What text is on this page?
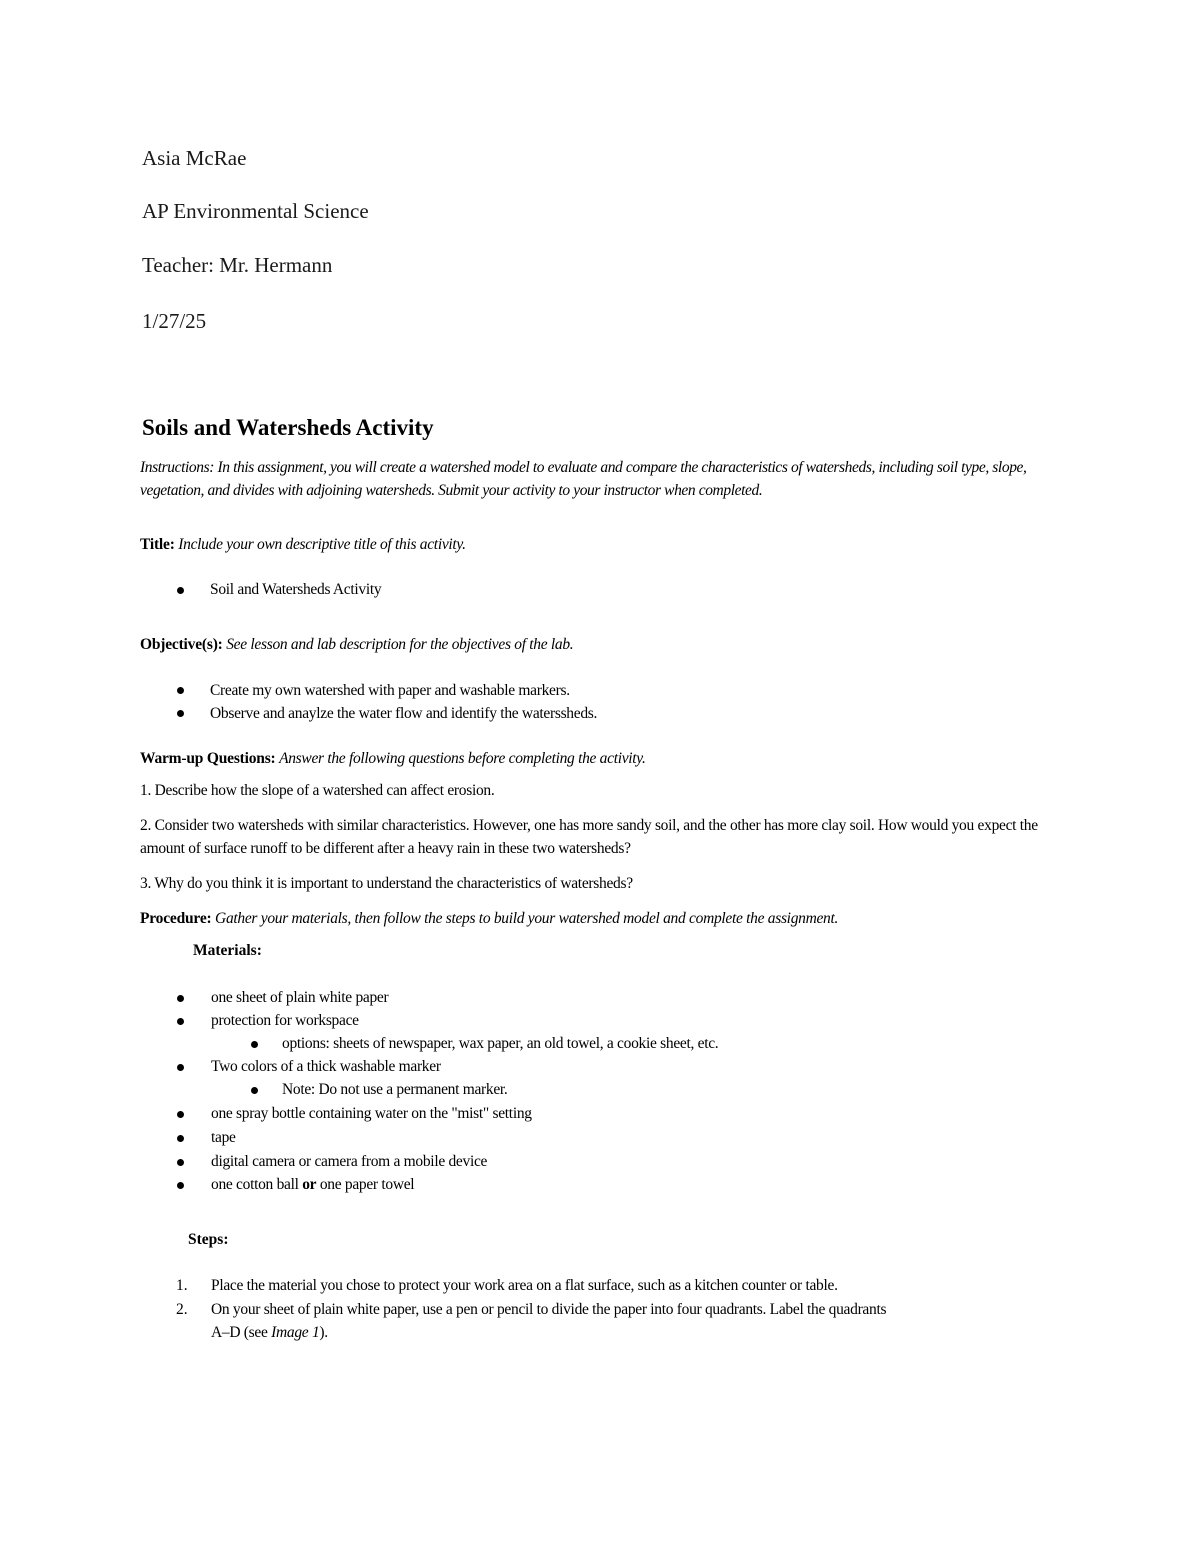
Asia McRae

AP Environmental Science

Teacher: Mr. Hermann

1/27/25

Soils and Watersheds Activity

Instructions: In this assignment, you will create a watershed model to evaluate and compare the characteristics of watersheds, including soil type, slope, vegetation, and divides with adjoining watersheds. Submit your activity to your instructor when completed.

Title: Include your own descriptive title of this activity.

Soil and Watersheds Activity

Objective(s): See lesson and lab description for the objectives of the lab.

Create my own watershed with paper and washable markers.

Observe and anaylze the water flow and identify the waterssheds.

Warm-up Questions: Answer the following questions before completing the activity.

1. Describe how the slope of a watershed can affect erosion.

2. Consider two watersheds with similar characteristics. However, one has more sandy soil, and the other has more clay soil. How would you expect the amount of surface runoff to be different after a heavy rain in these two watersheds?

3. Why do you think it is important to understand the characteristics of watersheds?

Procedure: Gather your materials, then follow the steps to build your watershed model and complete the assignment.

Materials:

one sheet of plain white paper

protection for workspace

options: sheets of newspaper, wax paper, an old towel, a cookie sheet, etc.

Two colors of a thick washable marker

Note: Do not use a permanent marker.

one spray bottle containing water on the "mist" setting

tape

digital camera or camera from a mobile device

one cotton ball or one paper towel

Steps:

1. Place the material you chose to protect your work area on a flat surface, such as a kitchen counter or table.

2. On your sheet of plain white paper, use a pen or pencil to divide the paper into four quadrants. Label the quadrants

A–D (see Image 1).
